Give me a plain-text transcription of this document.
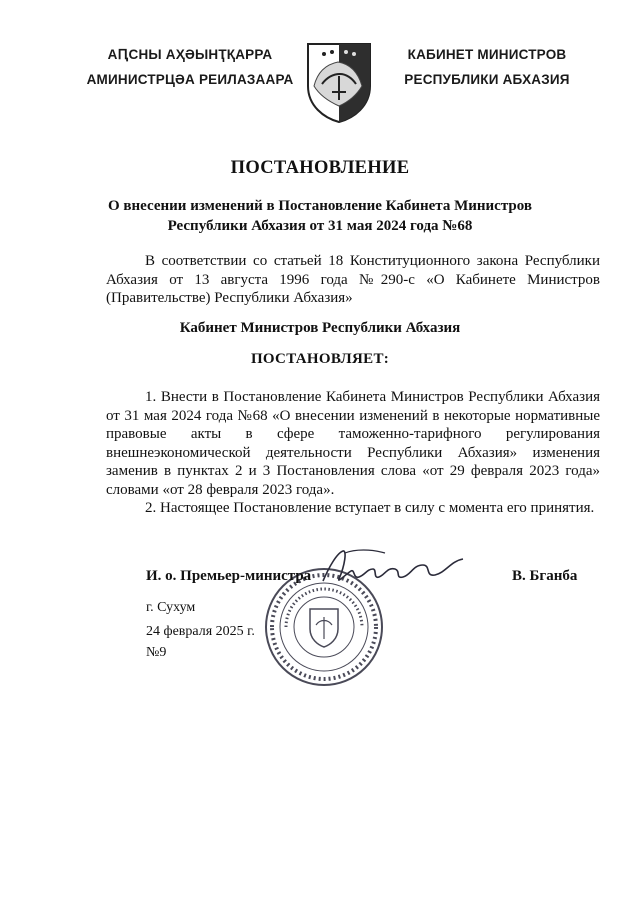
АԤСНЫ АҲӘЫНҬҚАРРА
АМИНИСТРЦӘА РЕИЛАЗААРА
КАБИНЕТ МИНИСТРОВ
РЕСПУБЛИКИ АБХАЗИЯ
ПОСТАНОВЛЕНИЕ
О внесении изменений в Постановление Кабинета Министров
Республики Абхазия от 31 мая 2024 года №68

В соответствии со статьей 18 Конституционного закона Республики Абхазия от 13 августа 1996 года №290-с «О Кабинете Министров (Правительстве) Республики Абхазия»

Кабинет Министров Республики Абхазия
ПОСТАНОВЛЯЕТ:

1. Внести в Постановление Кабинета Министров Республики Абхазия от 31 мая 2024 года №68 «О внесении изменений в некоторые нормативные правовые акты в сфере таможенно-тарифного регулирования внешнеэкономической деятельности Республики Абхазия» изменения заменив в пунктах 2 и 3 Постановления слова «от 29 февраля 2023 года» словами «от 28 февраля 2023 года».

2. Настоящее Постановление вступает в силу с момента его принятия.

И. о. Премьер-министра	В. Бганба
г. Сухум
24 февраля 2025 г.
№9
